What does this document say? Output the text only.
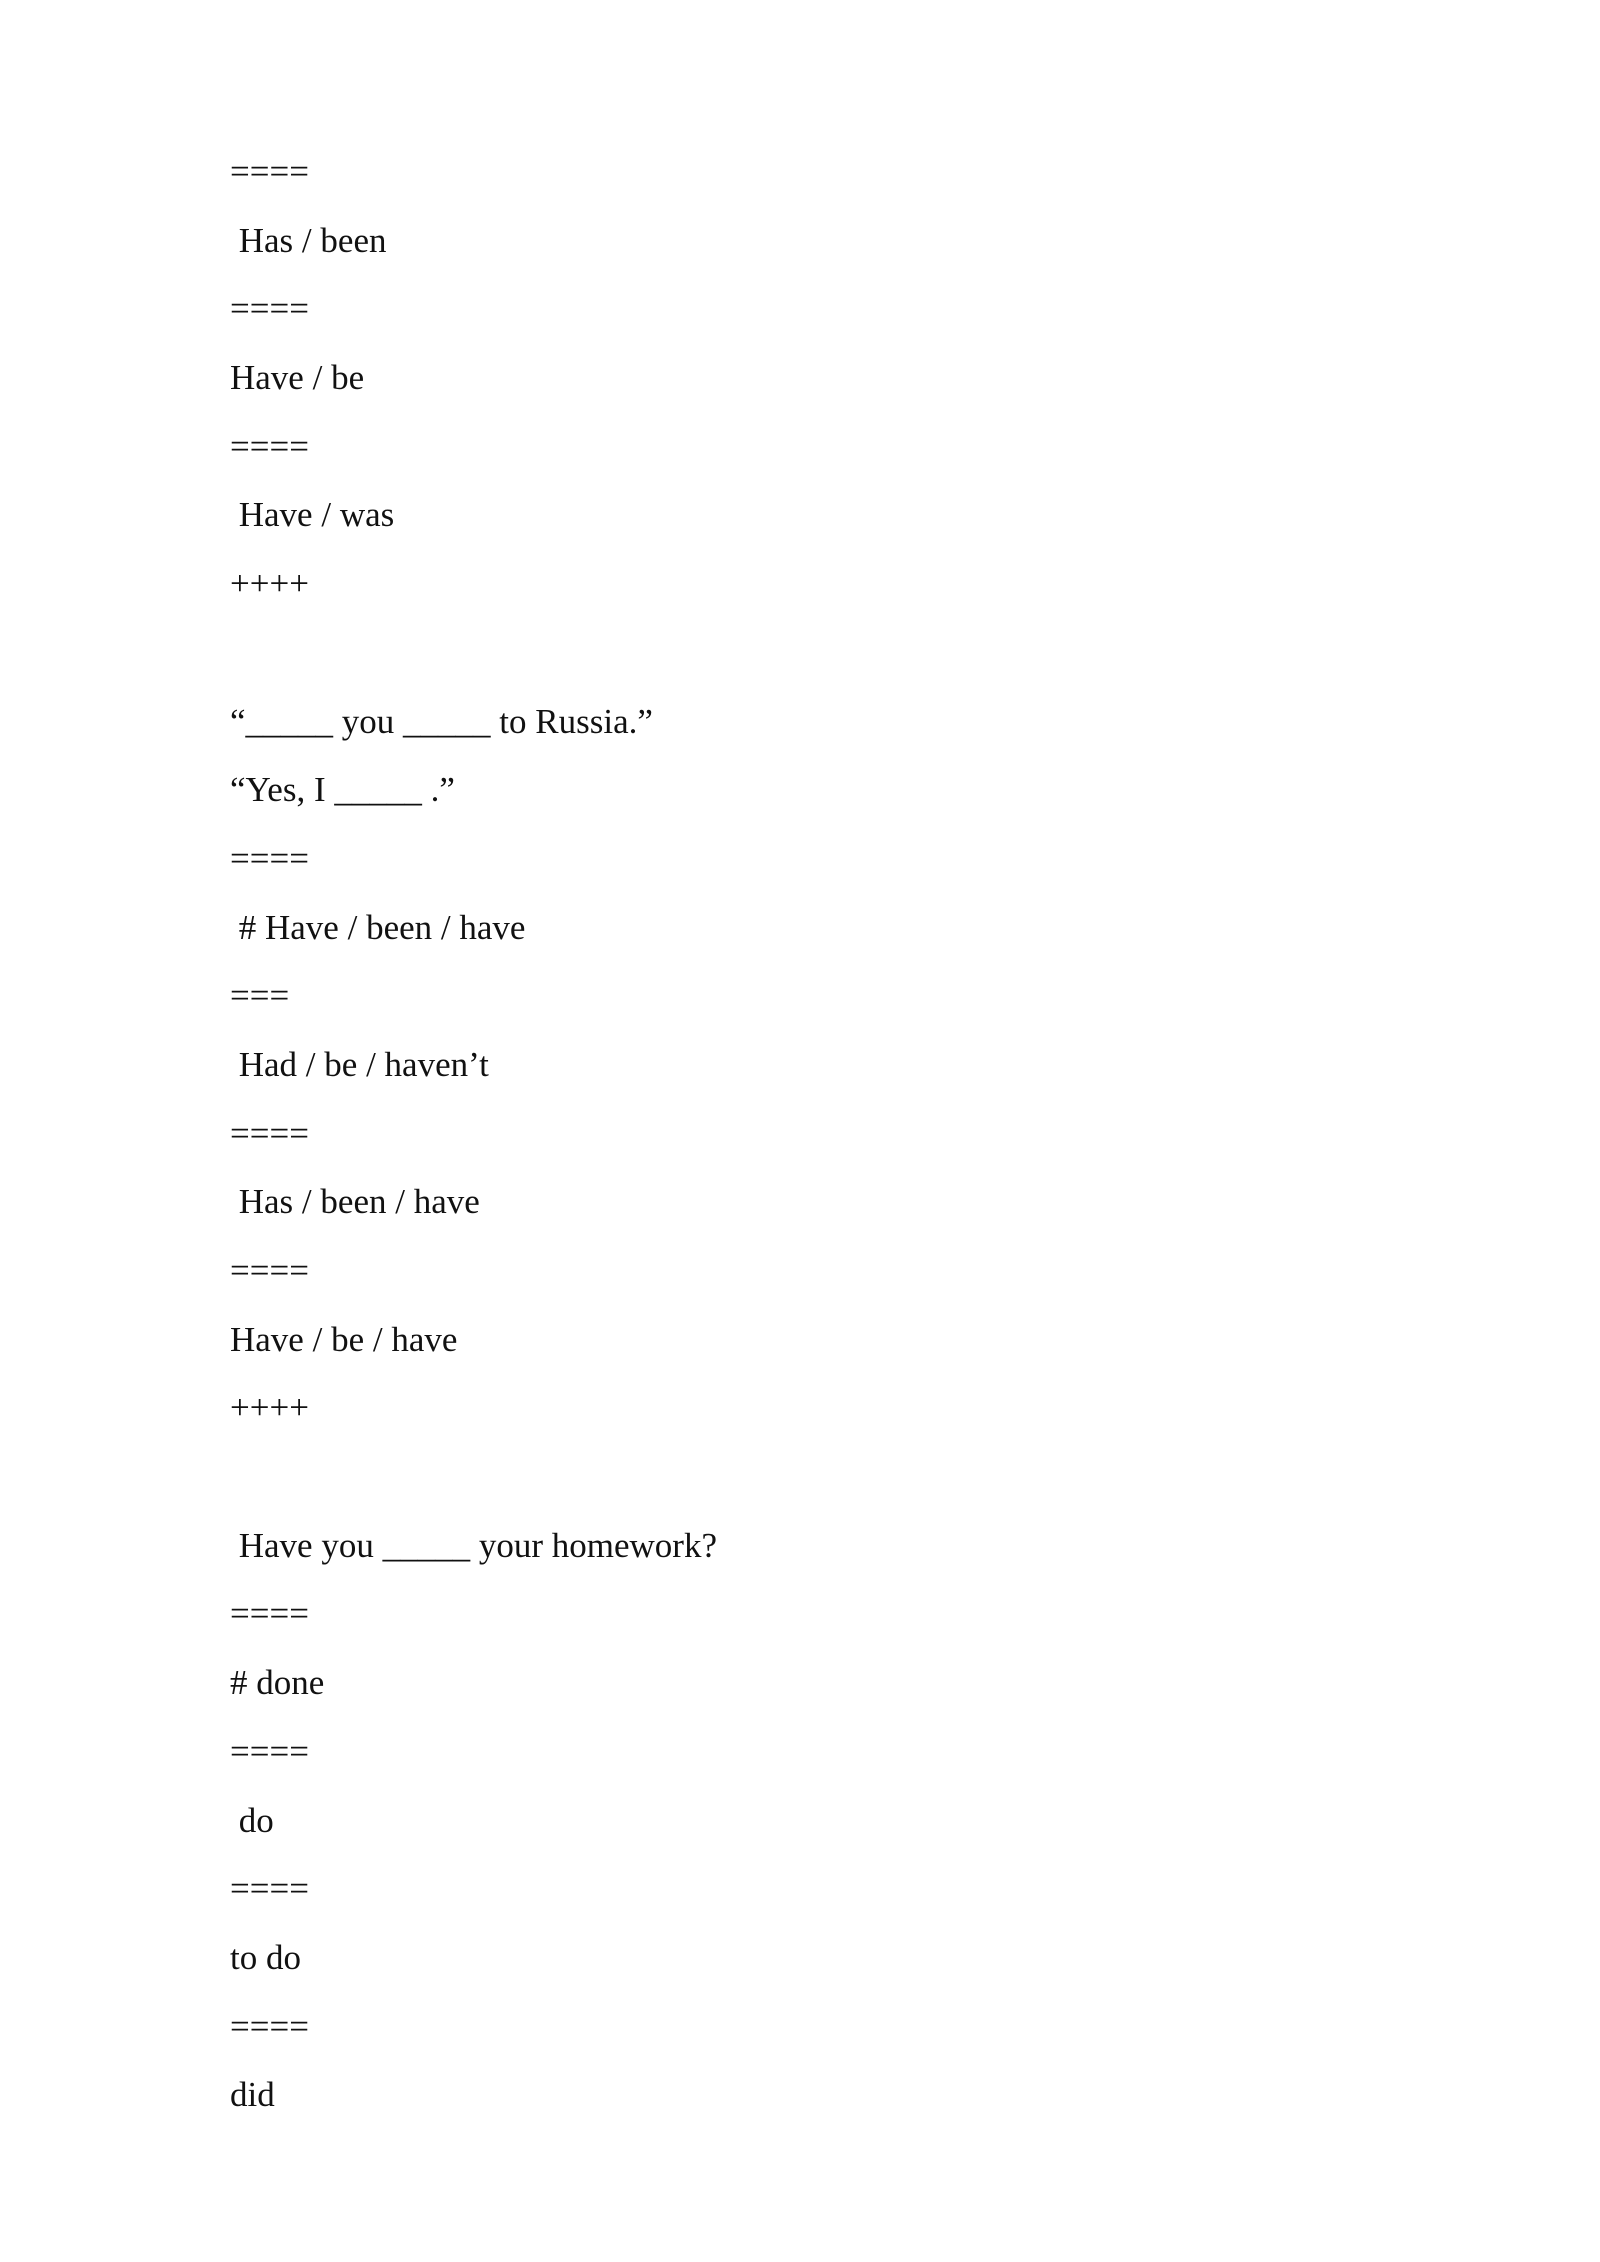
====
Has / been
====
Have / be
====
Have / was
++++
“_____ you _____ to Russia.”
“Yes, I _____ .”
====
# Have / been / have
===
Had / be / haven’t
====
Has / been / have
====
Have / be / have
++++
Have you _____ your homework?
====
# done
====
do
====
to do
====
did
